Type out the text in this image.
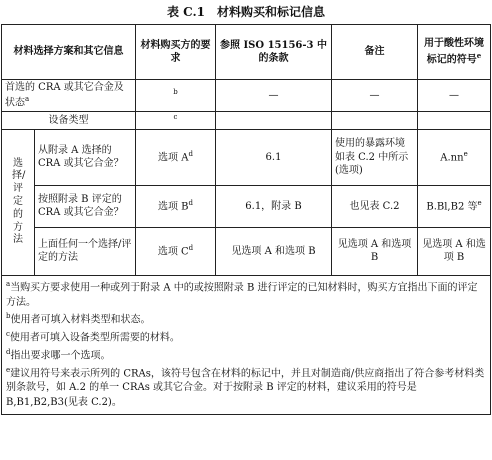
表 C.1　材料购买和标记信息
材料选择方案和其它信息		材料购买方的要求	参照 ISO 15156-3 中的条款	备注	用于酸性环境标记的符号$^e$
首选的 CRA 或其它合金及状态$^a$		$^b$	—	—	—
设备类型		$^c$			

选择/评定的方法	从附录 A 选择的 CRA 或其它合金？	选项 $A^d$	6.1	使用的暴露环境如表 C.2 中所示(选项)	$A.nn^e$
	按照附录 B 评定的 CRA 或其它合金？	选项 $B^d$	6.1，附录 B	也见表 C.2	B.Bl,B2 等$^e$
	上面任何一个选择/评定的方法	选项 $C^d$	见选项 A 和选项 B	见选项 A 和选项 B	见选项 A 和选项 B

$^a$当购买方要求使用一种或列于附录 A 中的或按照附录 B 进行评定的已知材料时，购买方宜指出下面的评定方法。

$^b$使用者可填入材料类型和状态。

$^c$使用者可填入设备类型所需要的材料。

$^d$指出要求哪一个选项。

$^e$建议用符号来表示所列的 CRAs，该符号包含在材料的标记中，并且对制造商/供应商指出了符合参考材料类别条款号，如 A.2 的单一 CRAs 或其它合金。对于按附录 B 评定的材料，建议采用的符号是 B,B1,B2,B3(见表 C.2)。					
